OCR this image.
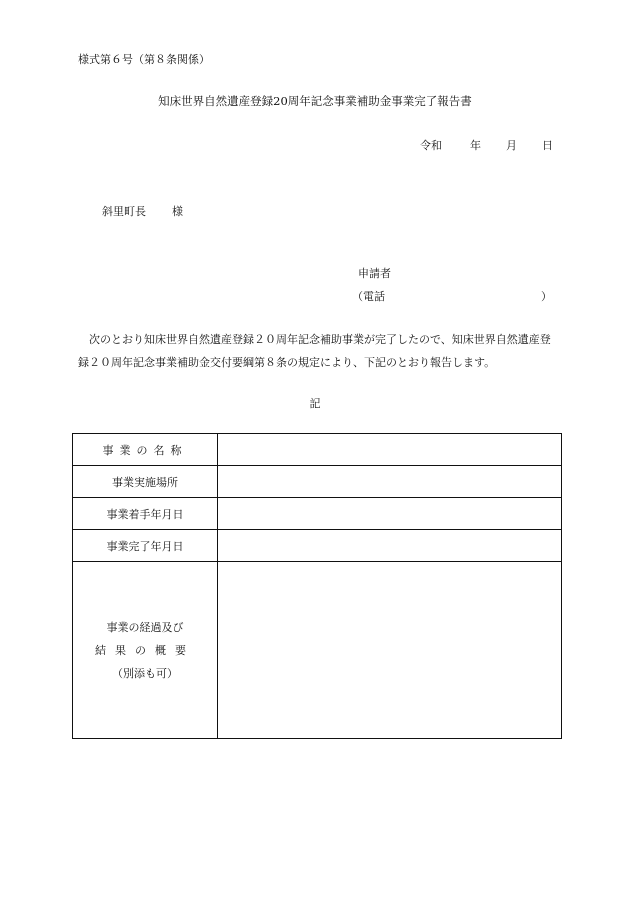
様式第６号（第８条関係）
知床世界自然遺産登録20周年記念事業補助金事業完了報告書
令和	年 月 日
斜里町長 様
申請者
（電話	）
次のとおり知床世界自然遺産登録２０周年記念補助事業が完了したので、知床世界自然遺産登録２０周年記念事業補助金交付要綱第８条の規定により、下記のとおり報告します。
記
事業の名称	
事業実施場所	
事業着手年月日	
事業完了年月日	

事業の経過及び
結果の概要
（別添も可）	
